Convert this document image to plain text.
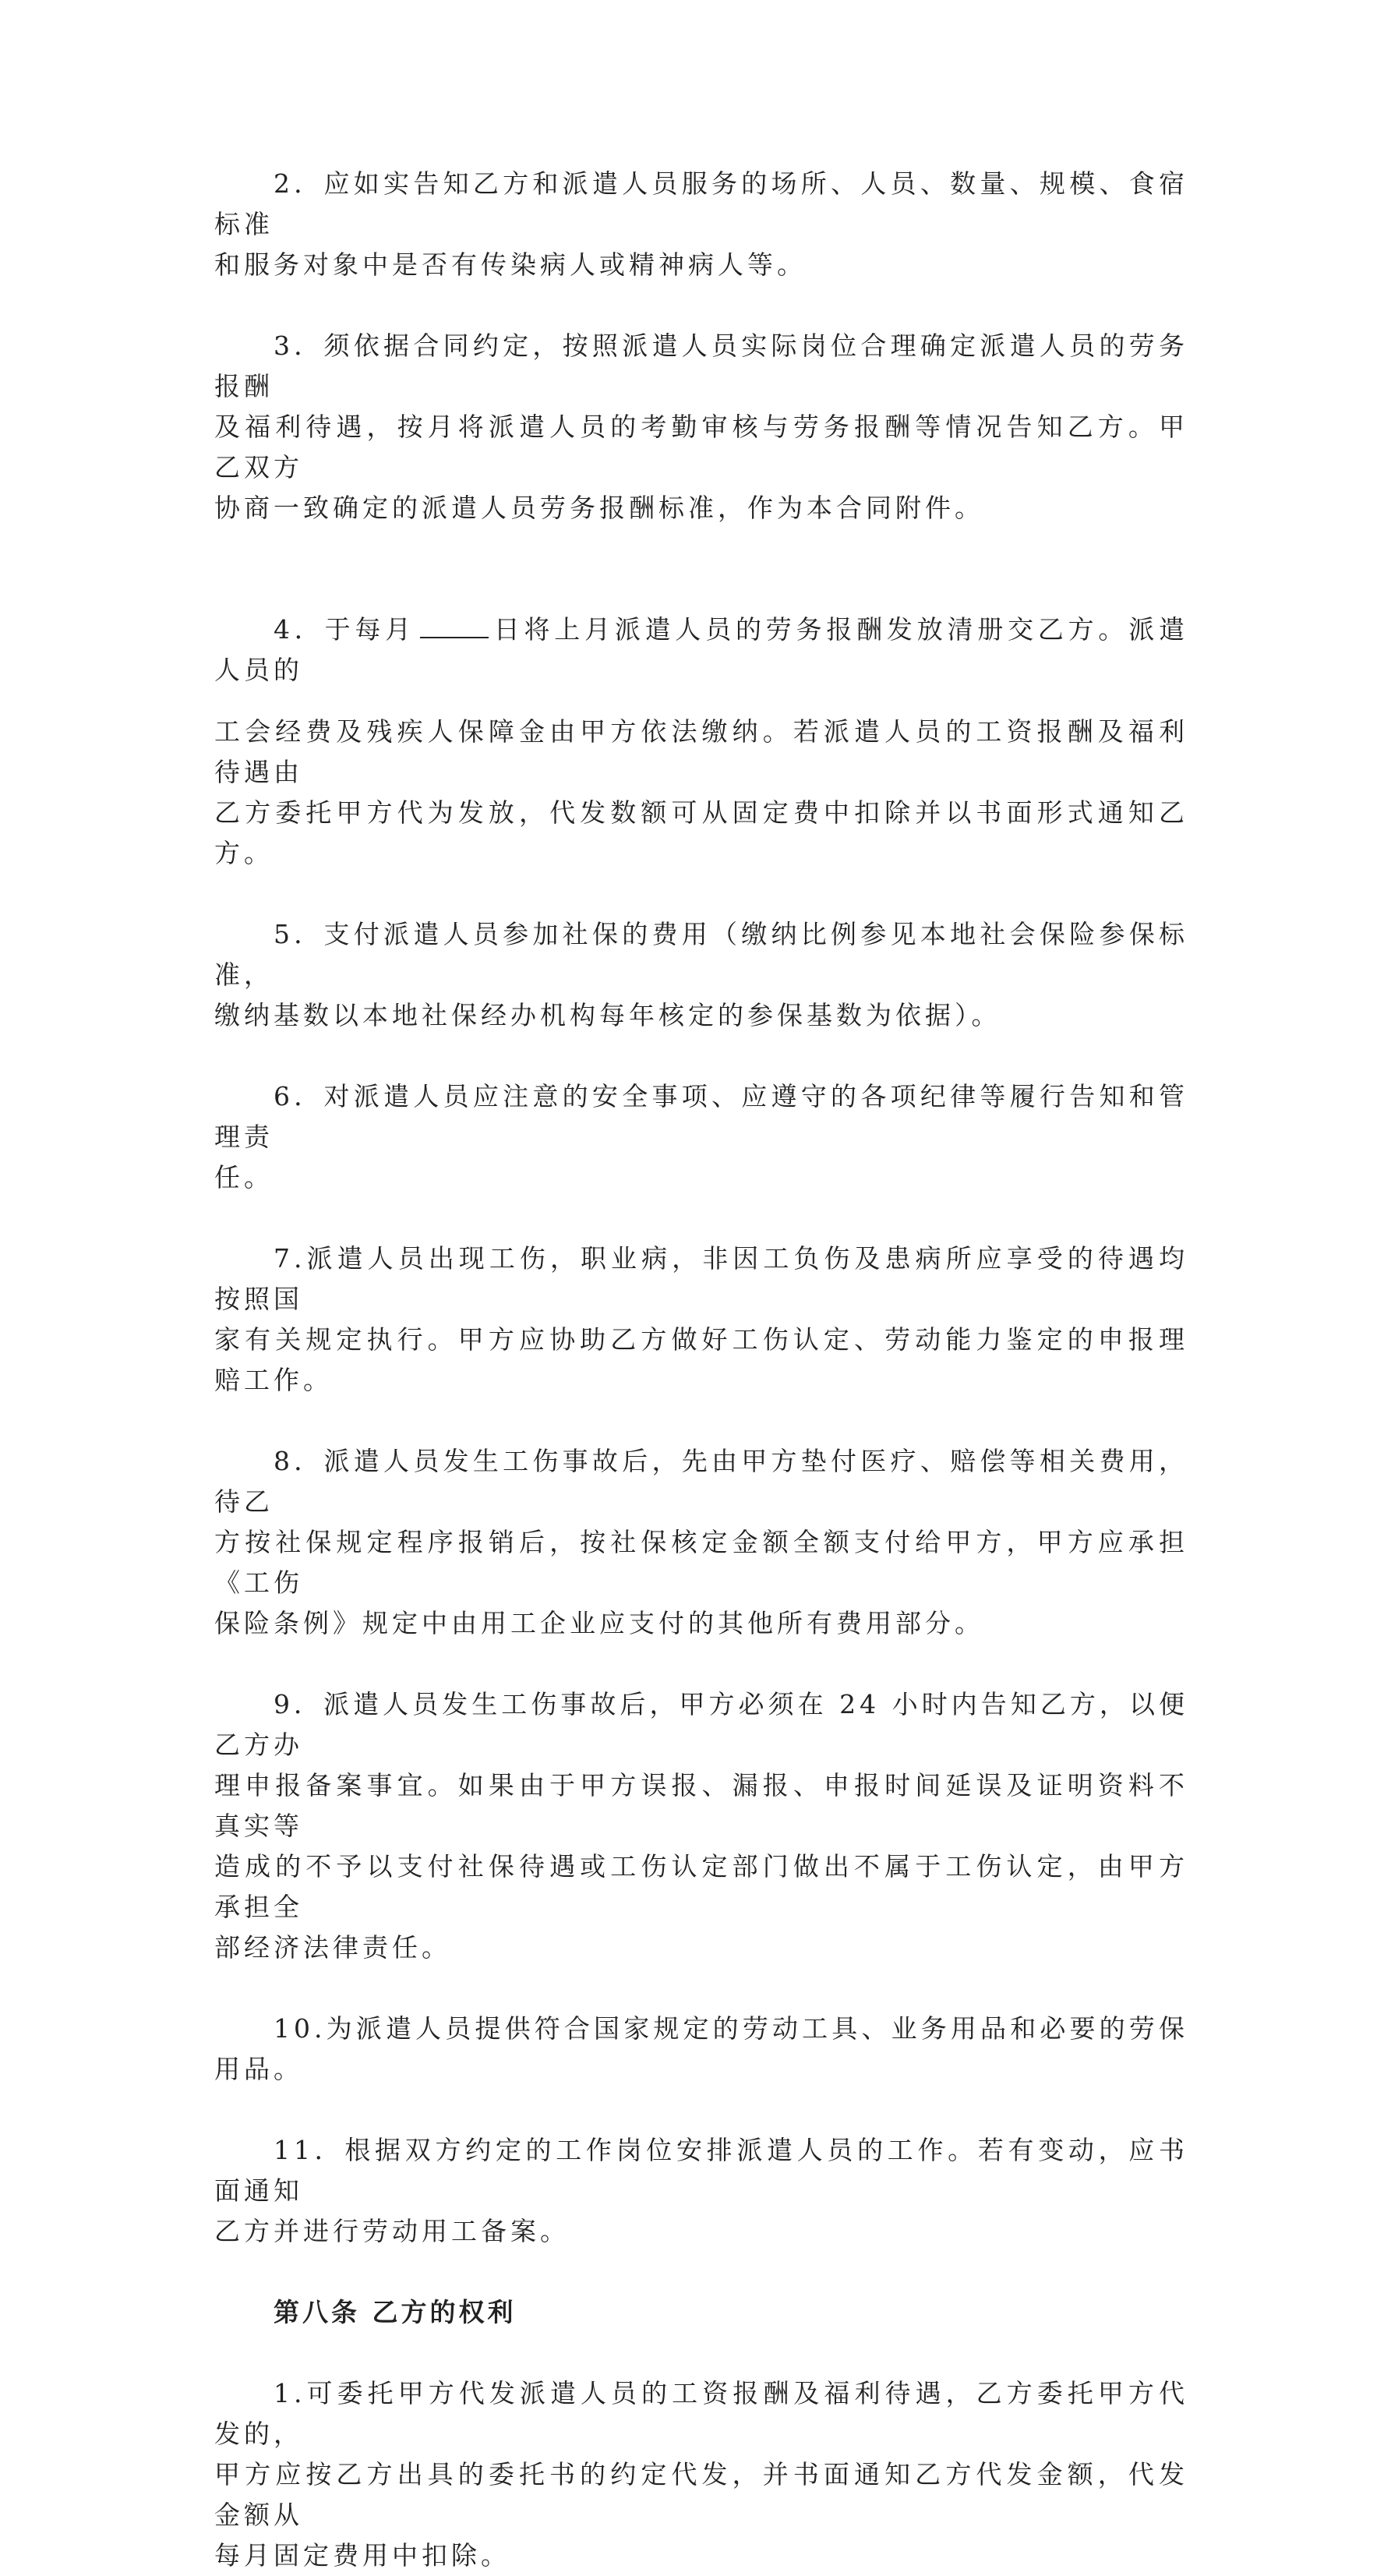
2．应如实告知乙方和派遣人员服务的场所、人员、数量、规模、食宿标准
和服务对象中是否有传染病人或精神病人等。

3．须依据合同约定，按照派遣人员实际岗位合理确定派遣人员的劳务报酬
及福利待遇，按月将派遣人员的考勤审核与劳务报酬等情况告知乙方。甲乙双方
协商一致确定的派遣人员劳务报酬标准，作为本合同附件。

4．于每月	日将上月派遣人员的劳务报酬发放清册交乙方。派遣人员的
工会经费及残疾人保障金由甲方依法缴纳。若派遣人员的工资报酬及福利待遇由
乙方委托甲方代为发放，代发数额可从固定费中扣除并以书面形式通知乙方。

5．支付派遣人员参加社保的费用（缴纳比例参见本地社会保险参保标准，
缴纳基数以本地社保经办机构每年核定的参保基数为依据）。

6．对派遣人员应注意的安全事项、应遵守的各项纪律等履行告知和管理责
任。

7.派遣人员出现工伤，职业病，非因工负伤及患病所应享受的待遇均按照国
家有关规定执行。甲方应协助乙方做好工伤认定、劳动能力鉴定的申报理赔工作。

8．派遣人员发生工伤事故后，先由甲方垫付医疗、赔偿等相关费用，待乙
方按社保规定程序报销后，按社保核定金额全额支付给甲方，甲方应承担《工伤
保险条例》规定中由用工企业应支付的其他所有费用部分。

9．派遣人员发生工伤事故后，甲方必须在 24 小时内告知乙方，以便乙方办
理申报备案事宜。如果由于甲方误报、漏报、申报时间延误及证明资料不真实等
造成的不予以支付社保待遇或工伤认定部门做出不属于工伤认定，由甲方承担全
部经济法律责任。

10.为派遣人员提供符合国家规定的劳动工具、业务用品和必要的劳保用品。

11．根据双方约定的工作岗位安排派遣人员的工作。若有变动，应书面通知
乙方并进行劳动用工备案。

第八条 乙方的权利

1.可委托甲方代发派遣人员的工资报酬及福利待遇，乙方委托甲方代发的，
甲方应按乙方出具的委托书的约定代发，并书面通知乙方代发金额，代发金额从
每月固定费用中扣除。
